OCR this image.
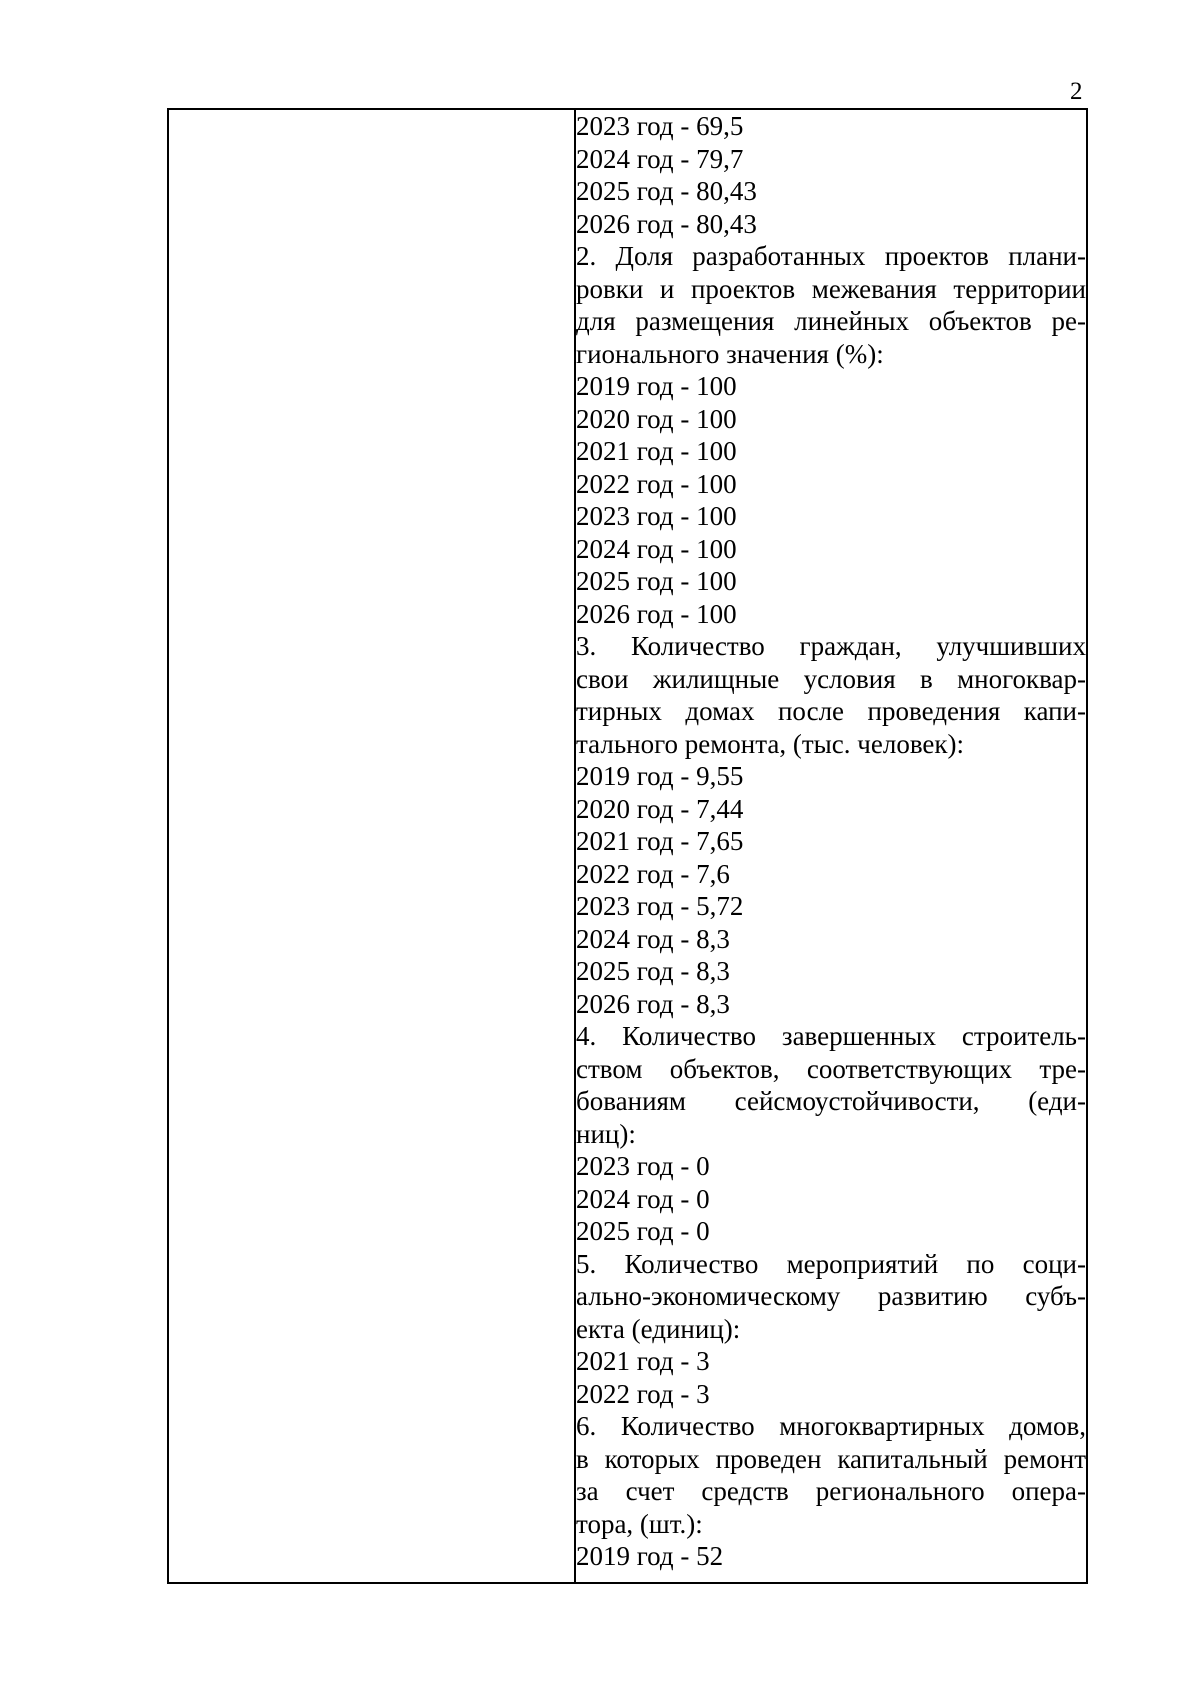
2

2023 год - 69,5
2024 год - 79,7
2025 год - 80,43
2026 год - 80,43
2. Доля разработанных проектов плани-
ровки и проектов межевания территории
для размещения линейных объектов ре-
гионального значения (%):
2019 год - 100
2020 год - 100
2021 год - 100
2022 год - 100
2023 год - 100
2024 год - 100
2025 год - 100
2026 год - 100
3. Количество граждан, улучшивших
свои жилищные условия в многоквар-
тирных домах после проведения капи-
тального ремонта, (тыс. человек):
2019 год - 9,55
2020 год - 7,44
2021 год - 7,65
2022 год - 7,6
2023 год - 5,72
2024 год - 8,3
2025 год - 8,3
2026 год - 8,3
4. Количество завершенных строитель-
ством объектов, соответствующих тре-
бованиям сейсмоустойчивости, (еди-
ниц):
2023 год - 0
2024 год - 0
2025 год - 0
5. Количество мероприятий по соци-
ально-экономическому развитию субъ-
екта (единиц):
2021 год - 3
2022 год - 3
6. Количество многоквартирных домов,
в которых проведен капитальный ремонт
за счет средств регионального опера-
тора, (шт.):
2019 год - 52
